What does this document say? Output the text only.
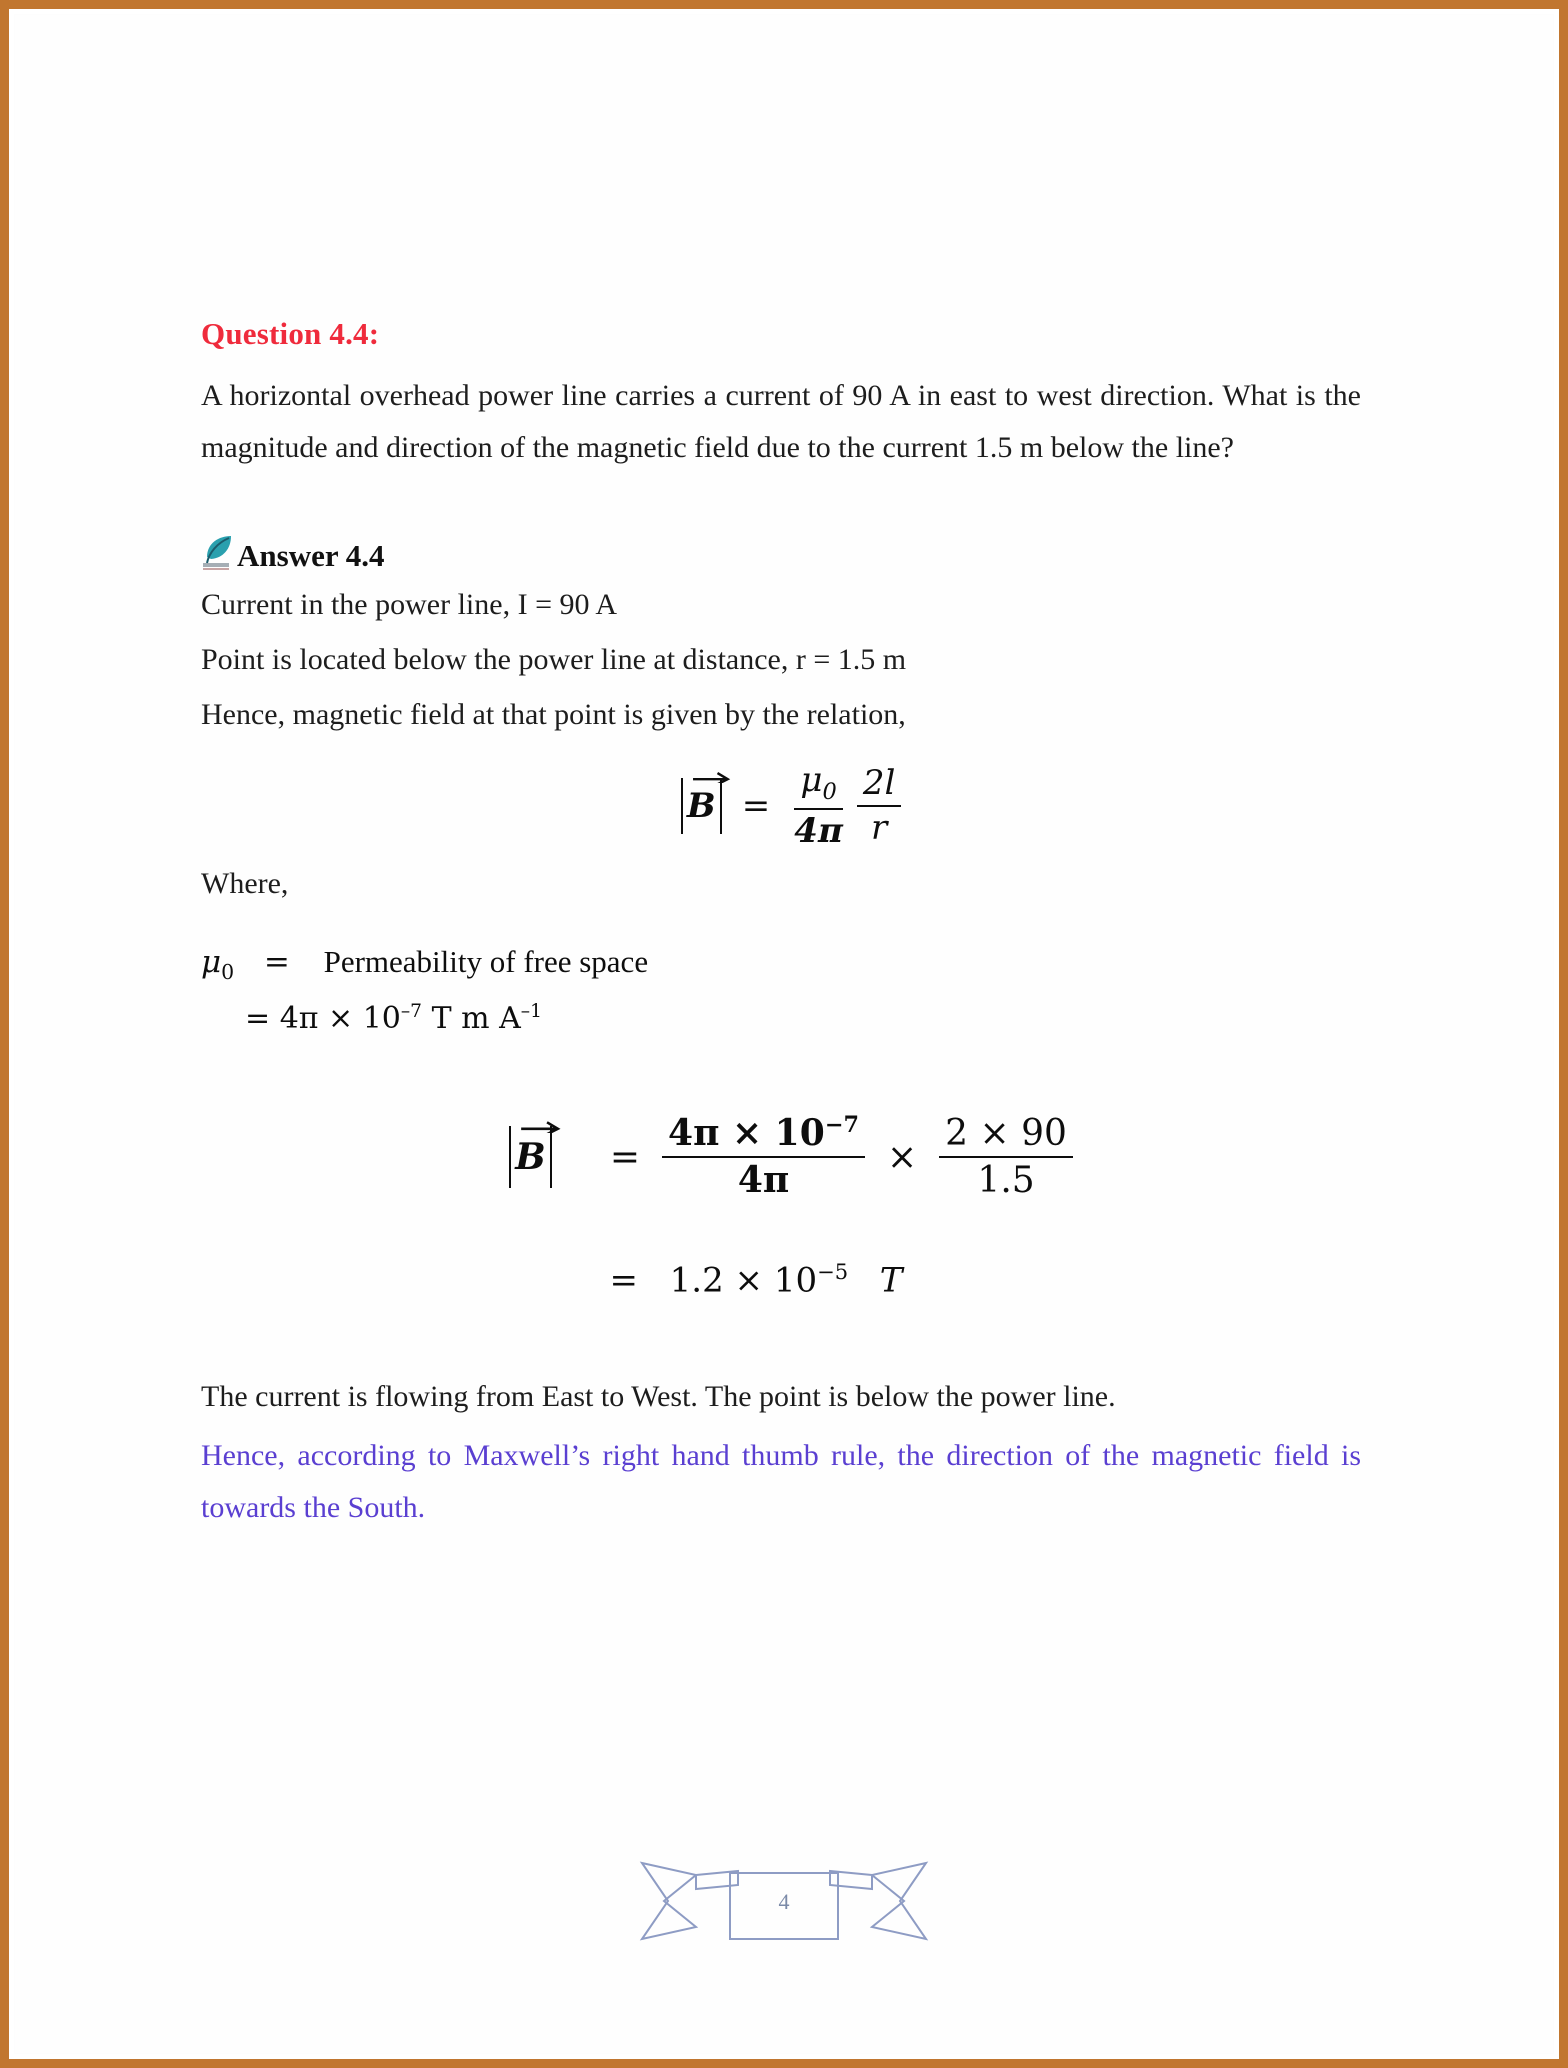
Question 4.4:
A horizontal overhead power line carries a current of 90 A in east to west direction. What is the magnitude and direction of the magnetic field due to the current 1.5 m below the line?
Answer 4.4
Current in the power line, I = 90 A
Point is located below the power line at distance, r = 1.5 m
Hence, magnetic field at that point is given by the relation,
$B = \frac{\mu_0}{4\pi} \frac{2l}{r}$
Where,
$\mu_0$ = Permeability of free space
= $4\pi \times 10^{-7}$ T m $A^{-1}$
$B = \frac{4\pi \times 10^{-7}}{4\pi} \times \frac{2 \times 90}{1.5}$
= $1.2 \times 10^{-5}$ T
The current is flowing from East to West. The point is below the power line.
Hence, according to Maxwell’s right hand thumb rule, the direction of the magnetic field is towards the South.
4
